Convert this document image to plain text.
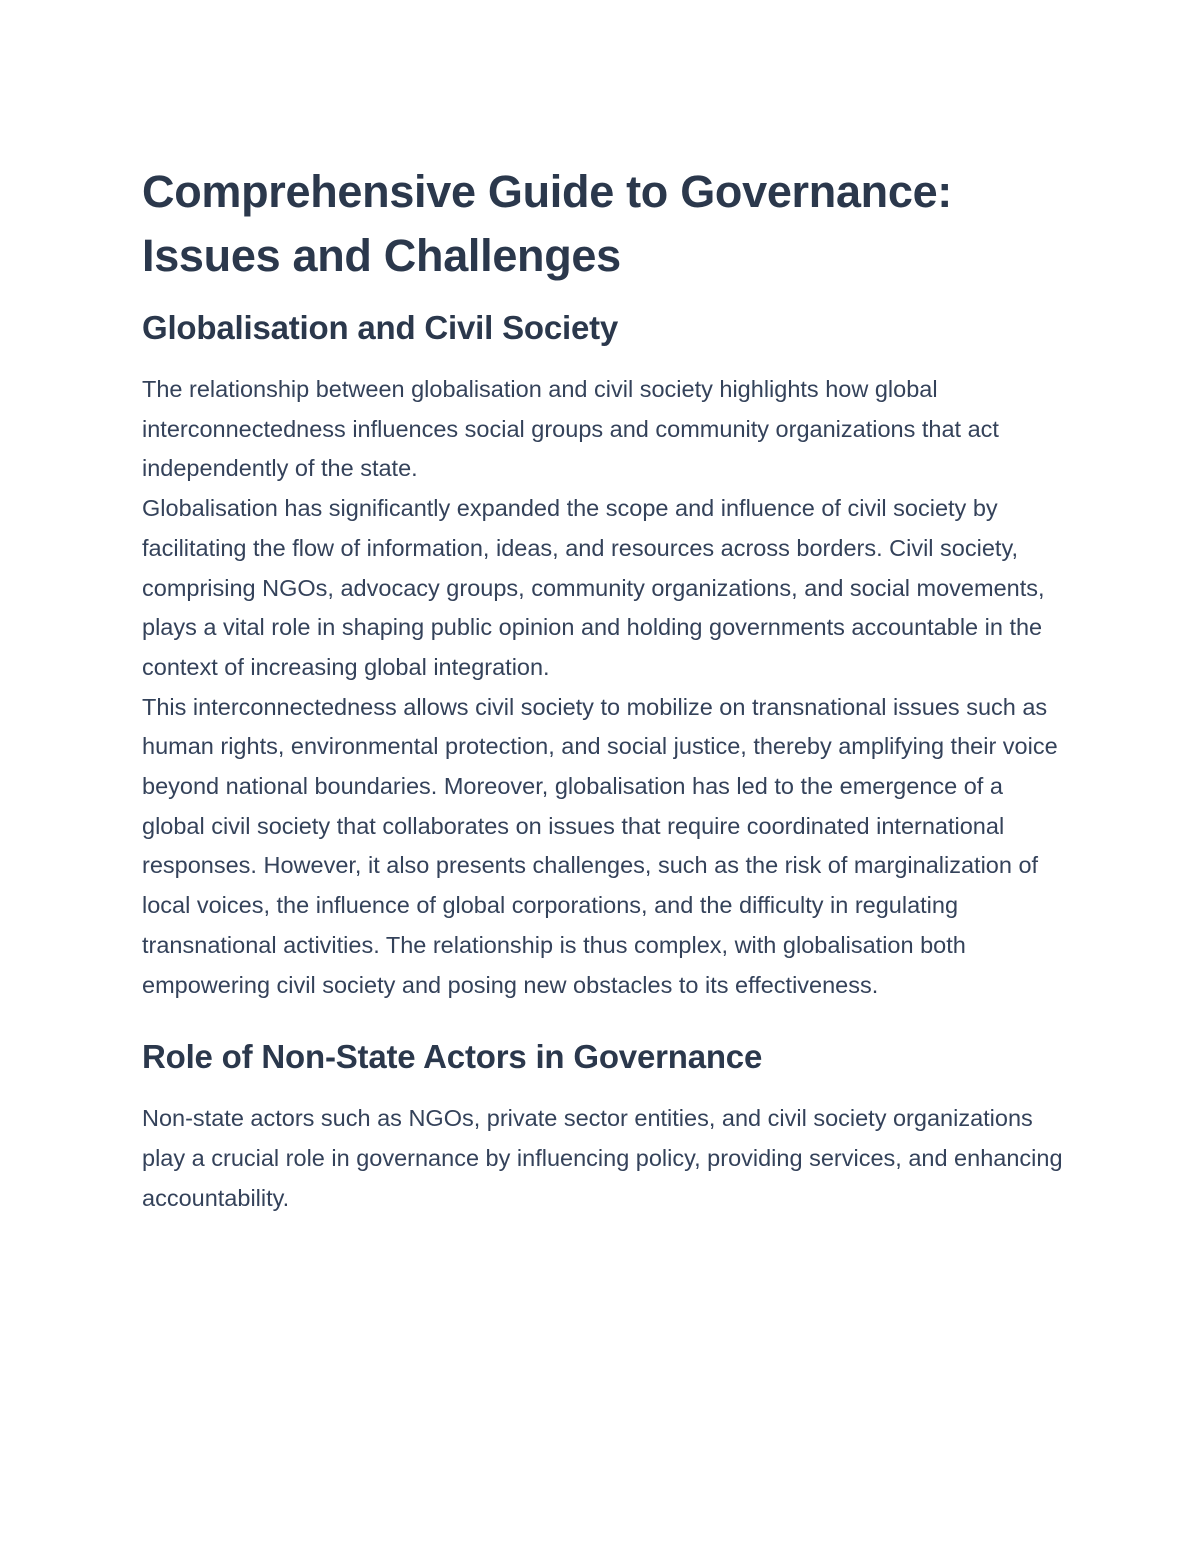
Comprehensive Guide to Governance: Issues and Challenges
Globalisation and Civil Society

The relationship between globalisation and civil society highlights how global interconnectedness influences social groups and community organizations that act independently of the state.

Globalisation has significantly expanded the scope and influence of civil society by facilitating the flow of information, ideas, and resources across borders. Civil society, comprising NGOs, advocacy groups, community organizations, and social movements, plays a vital role in shaping public opinion and holding governments accountable in the context of increasing global integration.

This interconnectedness allows civil society to mobilize on transnational issues such as human rights, environmental protection, and social justice, thereby amplifying their voice beyond national boundaries. Moreover, globalisation has led to the emergence of a global civil society that collaborates on issues that require coordinated international responses. However, it also presents challenges, such as the risk of marginalization of local voices, the influence of global corporations, and the difficulty in regulating transnational activities. The relationship is thus complex, with globalisation both empowering civil society and posing new obstacles to its effectiveness.

Role of Non-State Actors in Governance

Non-state actors such as NGOs, private sector entities, and civil society organizations play a crucial role in governance by influencing policy, providing services, and enhancing accountability.
